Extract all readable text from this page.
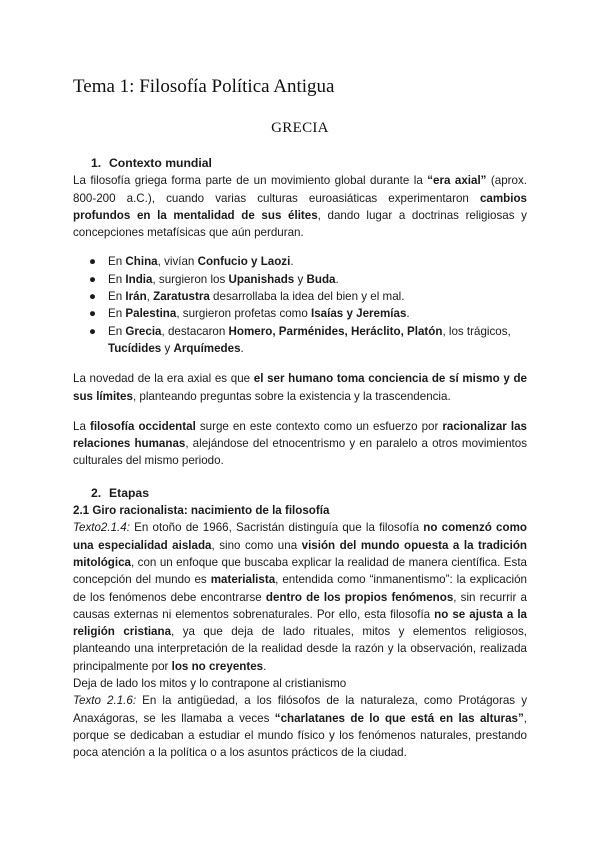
Tema 1: Filosofía Política Antigua
GRECIA
1. Contexto mundial

La filosofía griega forma parte de un movimiento global durante la “era axial” (aprox. 800-200 a.C.), cuando varias culturas euroasiáticas experimentaron cambios profundos en la mentalidad de sus élites, dando lugar a doctrinas religiosas y concepciones metafísicas que aún perduran.

● En China, vivían Confucio y Laozi.
● En India, surgieron los Upanishads y Buda.
● En Irán, Zaratustra desarrollaba la idea del bien y el mal.
● En Palestina, surgieron profetas como Isaías y Jeremías.
● En Grecia, destacaron Homero, Parménides, Heráclito, Platón, los trágicos, Tucídides y Arquímedes.

La novedad de la era axial es que el ser humano toma conciencia de sí mismo y de sus límites, planteando preguntas sobre la existencia y la trascendencia.

La filosofía occidental surge en este contexto como un esfuerzo por racionalizar las relaciones humanas, alejándose del etnocentrismo y en paralelo a otros movimientos culturales del mismo periodo.

2. Etapas
2.1 Giro racionalista: nacimiento de la filosofía

Texto2.1.4: En otoño de 1966, Sacristán distinguía que la filosofía no comenzó como una especialidad aislada, sino como una visión del mundo opuesta a la tradición mitológica, con un enfoque que buscaba explicar la realidad de manera científica. Esta concepción del mundo es materialista, entendida como “inmanentismo”: la explicación de los fenómenos debe encontrarse dentro de los propios fenómenos, sin recurrir a causas externas ni elementos sobrenaturales. Por ello, esta filosofía no se ajusta a la religión cristiana, ya que deja de lado rituales, mitos y elementos religiosos, planteando una interpretación de la realidad desde la razón y la observación, realizada principalmente por los no creyentes.

Deja de lado los mitos y lo contrapone al cristianismo

Texto 2.1.6: En la antigüedad, a los filósofos de la naturaleza, como Protágoras y Anaxágoras, se les llamaba a veces “charlatanes de lo que está en las alturas”, porque se dedicaban a estudiar el mundo físico y los fenómenos naturales, prestando poca atención a la política o a los asuntos prácticos de la ciudad.
